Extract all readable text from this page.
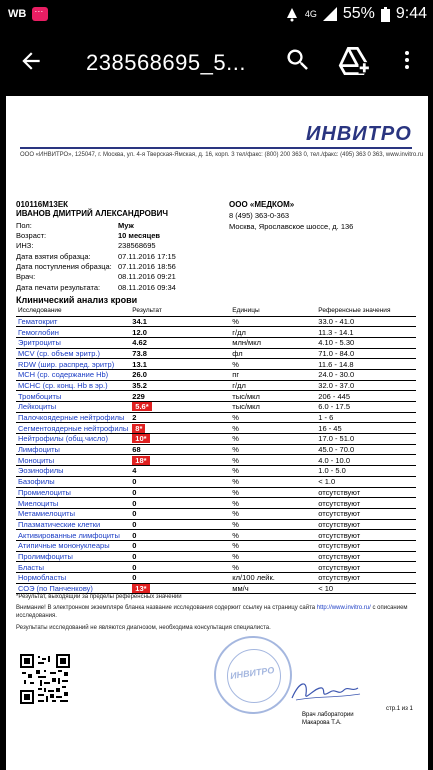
WB ···	4G 55% 9:44
238568695_5...
ИНВИТРО
ООО «ИНВИТРО», 125047, г. Москва, ул. 4-я Тверская-Ямская, д. 16, корп. 3 тел/факс: (800) 200 363 0, тел./факс: (495) 363 0 363, www.invitro.ru
010116М13ЕК
ИВАНОВ ДМИТРИЙ АЛЕКСАНДРОВИЧ
ООО «МЕДКОМ»
8 (495) 363-0-363
Москва, Ярославское шоссе, д. 136
Пол:	Муж
Возраст:	10 месяцев
ИНЗ:	238568695
Дата взятия образца:	07.11.2016 17:15
Дата поступления образца: 07.11.2016 18:56
Врач:	08.11.2016 09:21
Дата печати результата: 08.11.2016 09:34
Клинический анализ крови
Исследование	Результат	Единицы	Референсные значения
Гематокрит	34.1	%	33.0 - 41.0
Гемоглобин	12.0	г/дл	11.3 - 14.1
Эритроциты	4.62	млн/мкл	4.10 - 5.30
MCV (ср. объем эритр.)	73.8	фл	71.0 - 84.0
RDW (шир. распред. эритр)	13.1	%	11.6 - 14.8
MCH (ср. содержание Hb)	26.0	пг	24.0 - 30.0
MCHC (ср. конц. Hb в эр.)	35.2	г/дл	32.0 - 37.0
Тромбоциты	229	тыс/мкл	206 - 445
Лейкоциты	5.6*	тыс/мкл	6.0 - 17.5
Палочкоядерные нейтрофилы	2	%	1 - 6
Сегментоядерные нейтрофилы	8*	%	16 - 45
Нейтрофилы (общ.число)	10*	%	17.0 - 51.0
Лимфоциты	68	%	45.0 - 70.0
Моноциты	18*	%	4.0 - 10.0
Эозинофилы	4	%	1.0 - 5.0
Базофилы	0	%	< 1.0
Промиелоциты	0	%	отсутствуют
Миелоциты	0	%	отсутствуют
Метамиелоциты	0	%	отсутствуют
Плазматические клетки	0	%	отсутствуют
Активированные лимфоциты	0	%	отсутствуют
Атипичные мононуклеары	0	%	отсутствуют
Пролимфоциты	0	%	отсутствуют
Бласты	0	%	отсутствуют
Нормобласты	0	кл/100 лейк.	отсутствуют
СОЭ (по Панченкову)	13*	мм/ч	< 10
*Результат, выходящий за пределы референсных значений
Внимание! В электронном экземпляре бланка название исследования содержит ссылку на страницу сайта http://www.invitro.ru/ с описанием исследования.
Результаты исследований не являются диагнозом, необходима консультация специалиста.
ИНВИТРО
Врач лаборатории
Макарова Т.А.
стр.1 из 1
